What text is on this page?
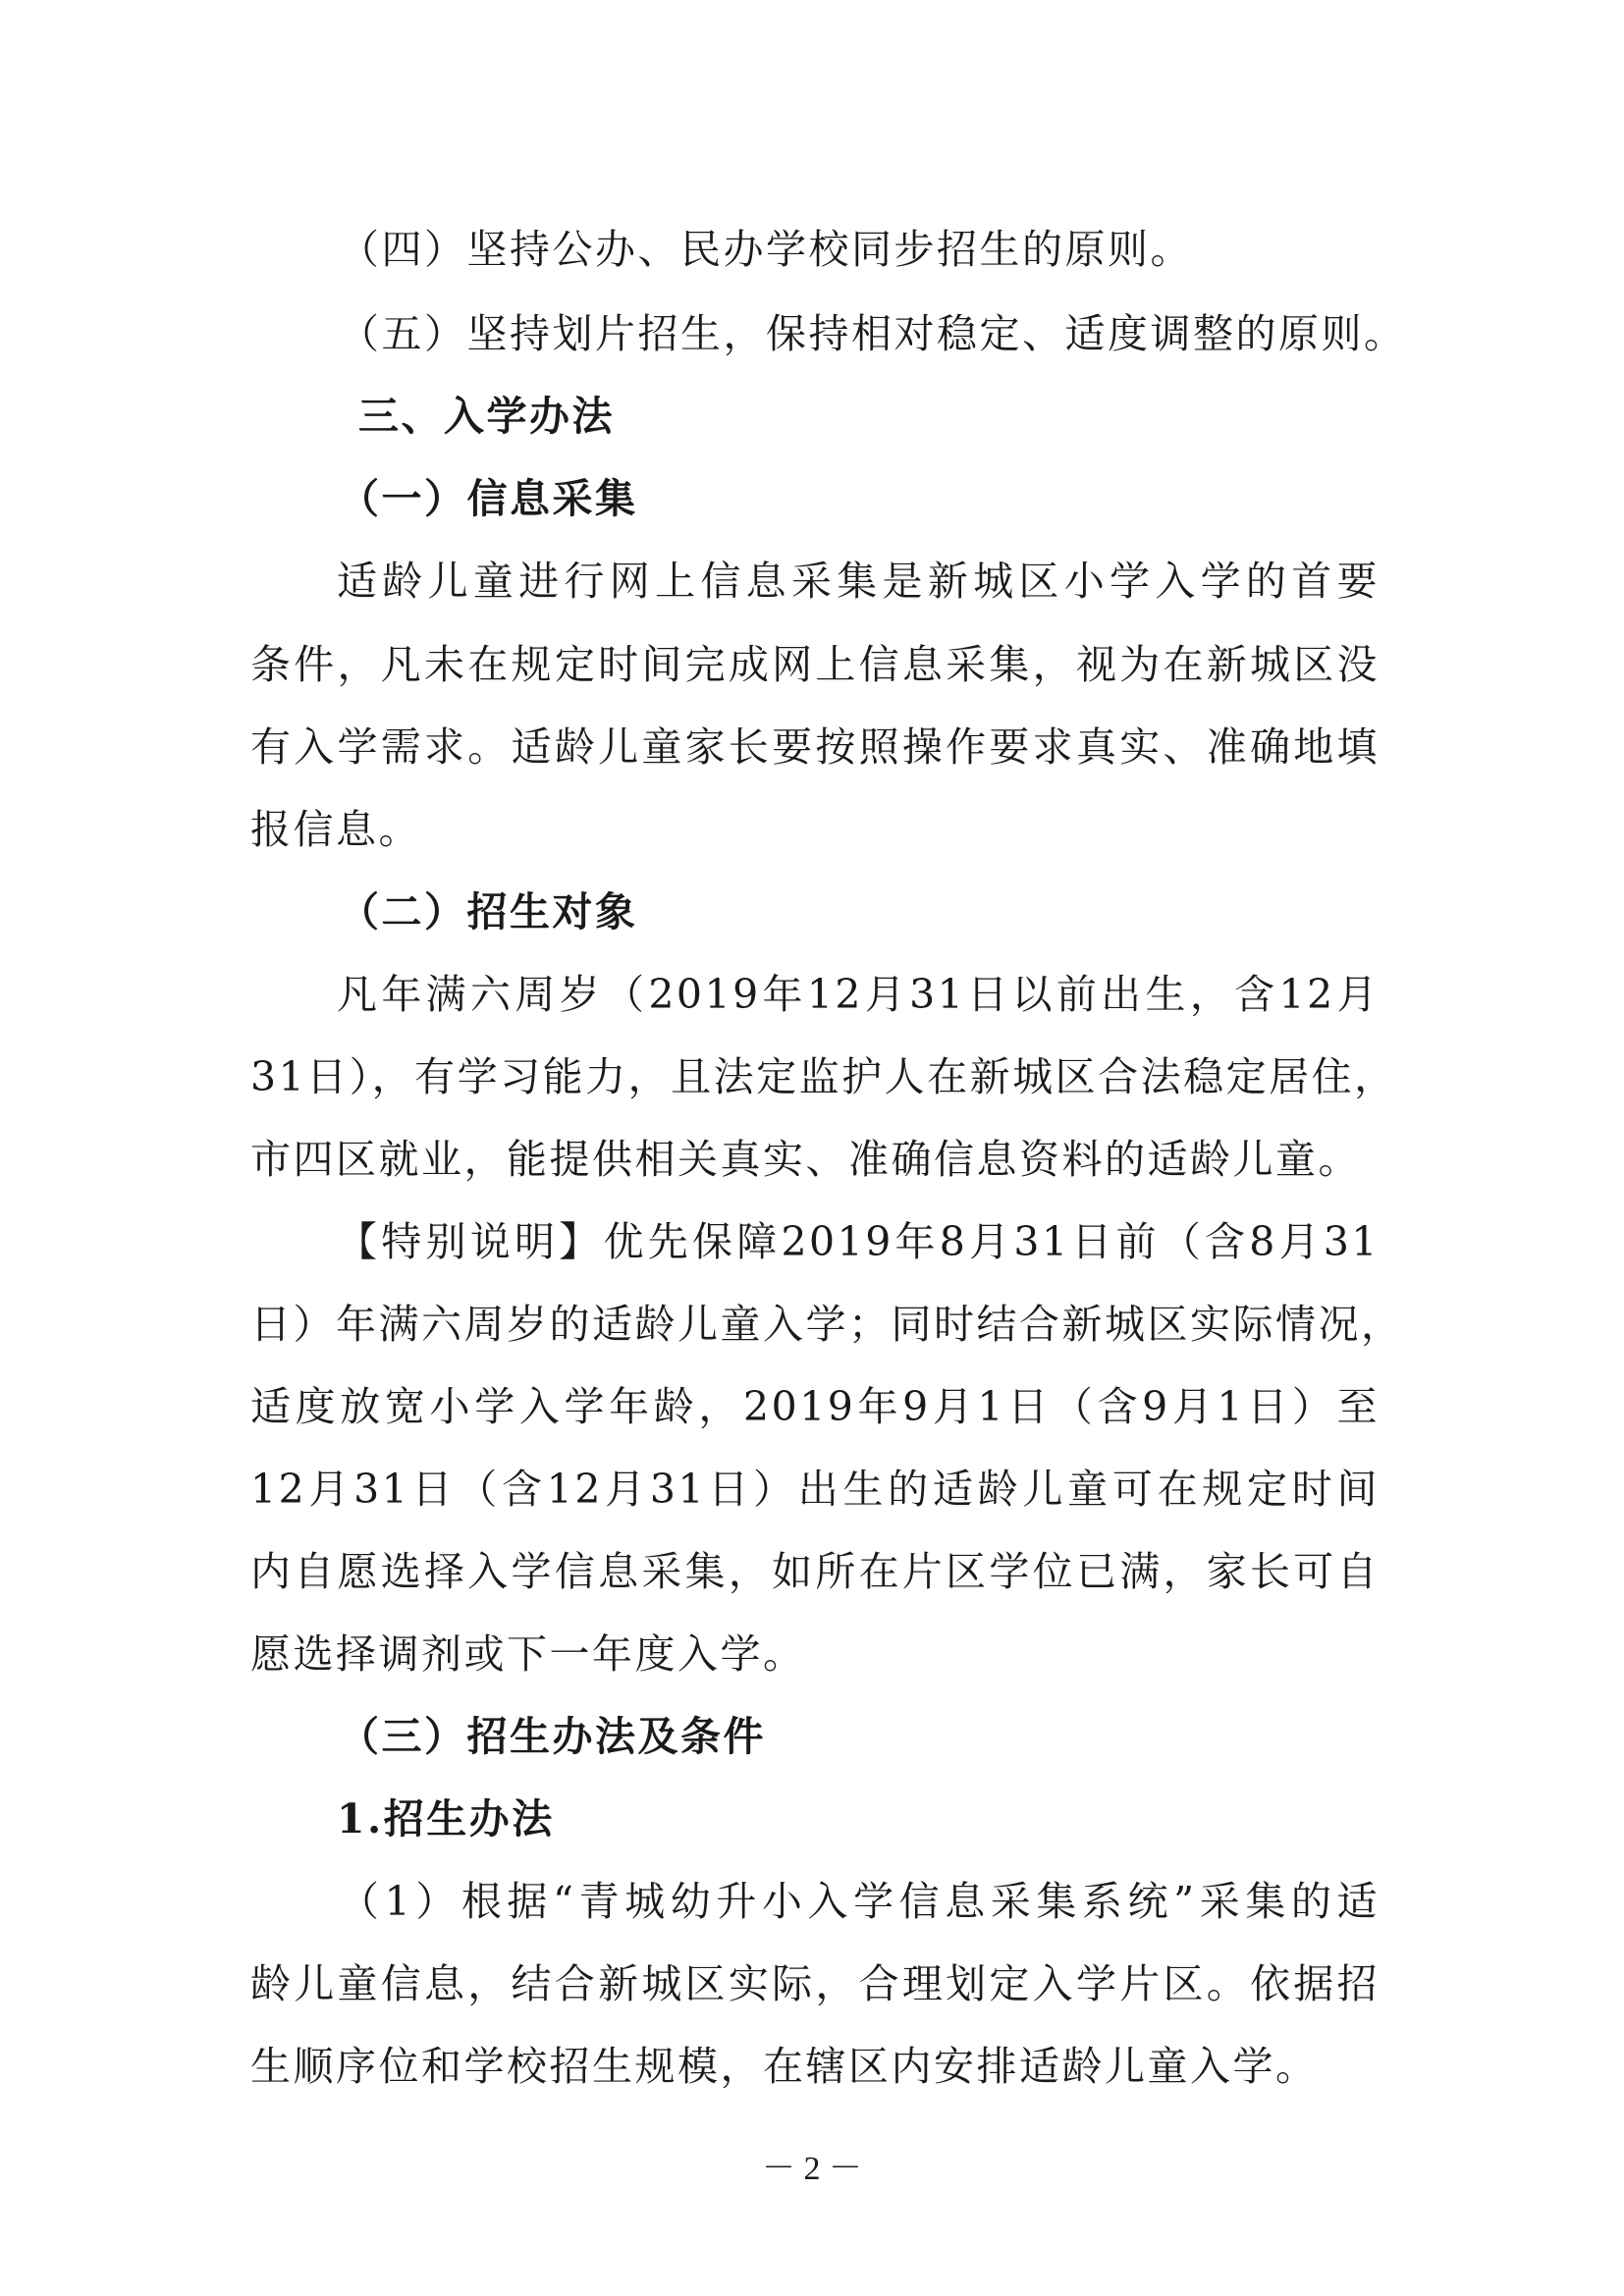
（四）坚持公办、民办学校同步招生的原则。
（五）坚持划片招生，保持相对稳定、适度调整的原则。
三、入学办法
（一）信息采集
适龄儿童进行网上信息采集是新城区小学入学的首要
条件，凡未在规定时间完成网上信息采集，视为在新城区没
有入学需求。适龄儿童家长要按照操作要求真实、准确地填
报信息。
（二）招生对象
凡年满六周岁（2019年12月31日以前出生，含12月
31日），有学习能力，且法定监护人在新城区合法稳定居住，
市四区就业，能提供相关真实、准确信息资料的适龄儿童。
【特别说明】优先保障2019年8月31日前（含8月31
日）年满六周岁的适龄儿童入学；同时结合新城区实际情况，
适度放宽小学入学年龄，2019年9月1日（含9月1日）至
12月31日（含12月31日）出生的适龄儿童可在规定时间
内自愿选择入学信息采集，如所在片区学位已满，家长可自
愿选择调剂或下一年度入学。
（三）招生办法及条件
1.招生办法
（1）根据“青城幼升小入学信息采集系统”采集的适
龄儿童信息，结合新城区实际，合理划定入学片区。依据招
生顺序位和学校招生规模，在辖区内安排适龄儿童入学。
－ 2 －
